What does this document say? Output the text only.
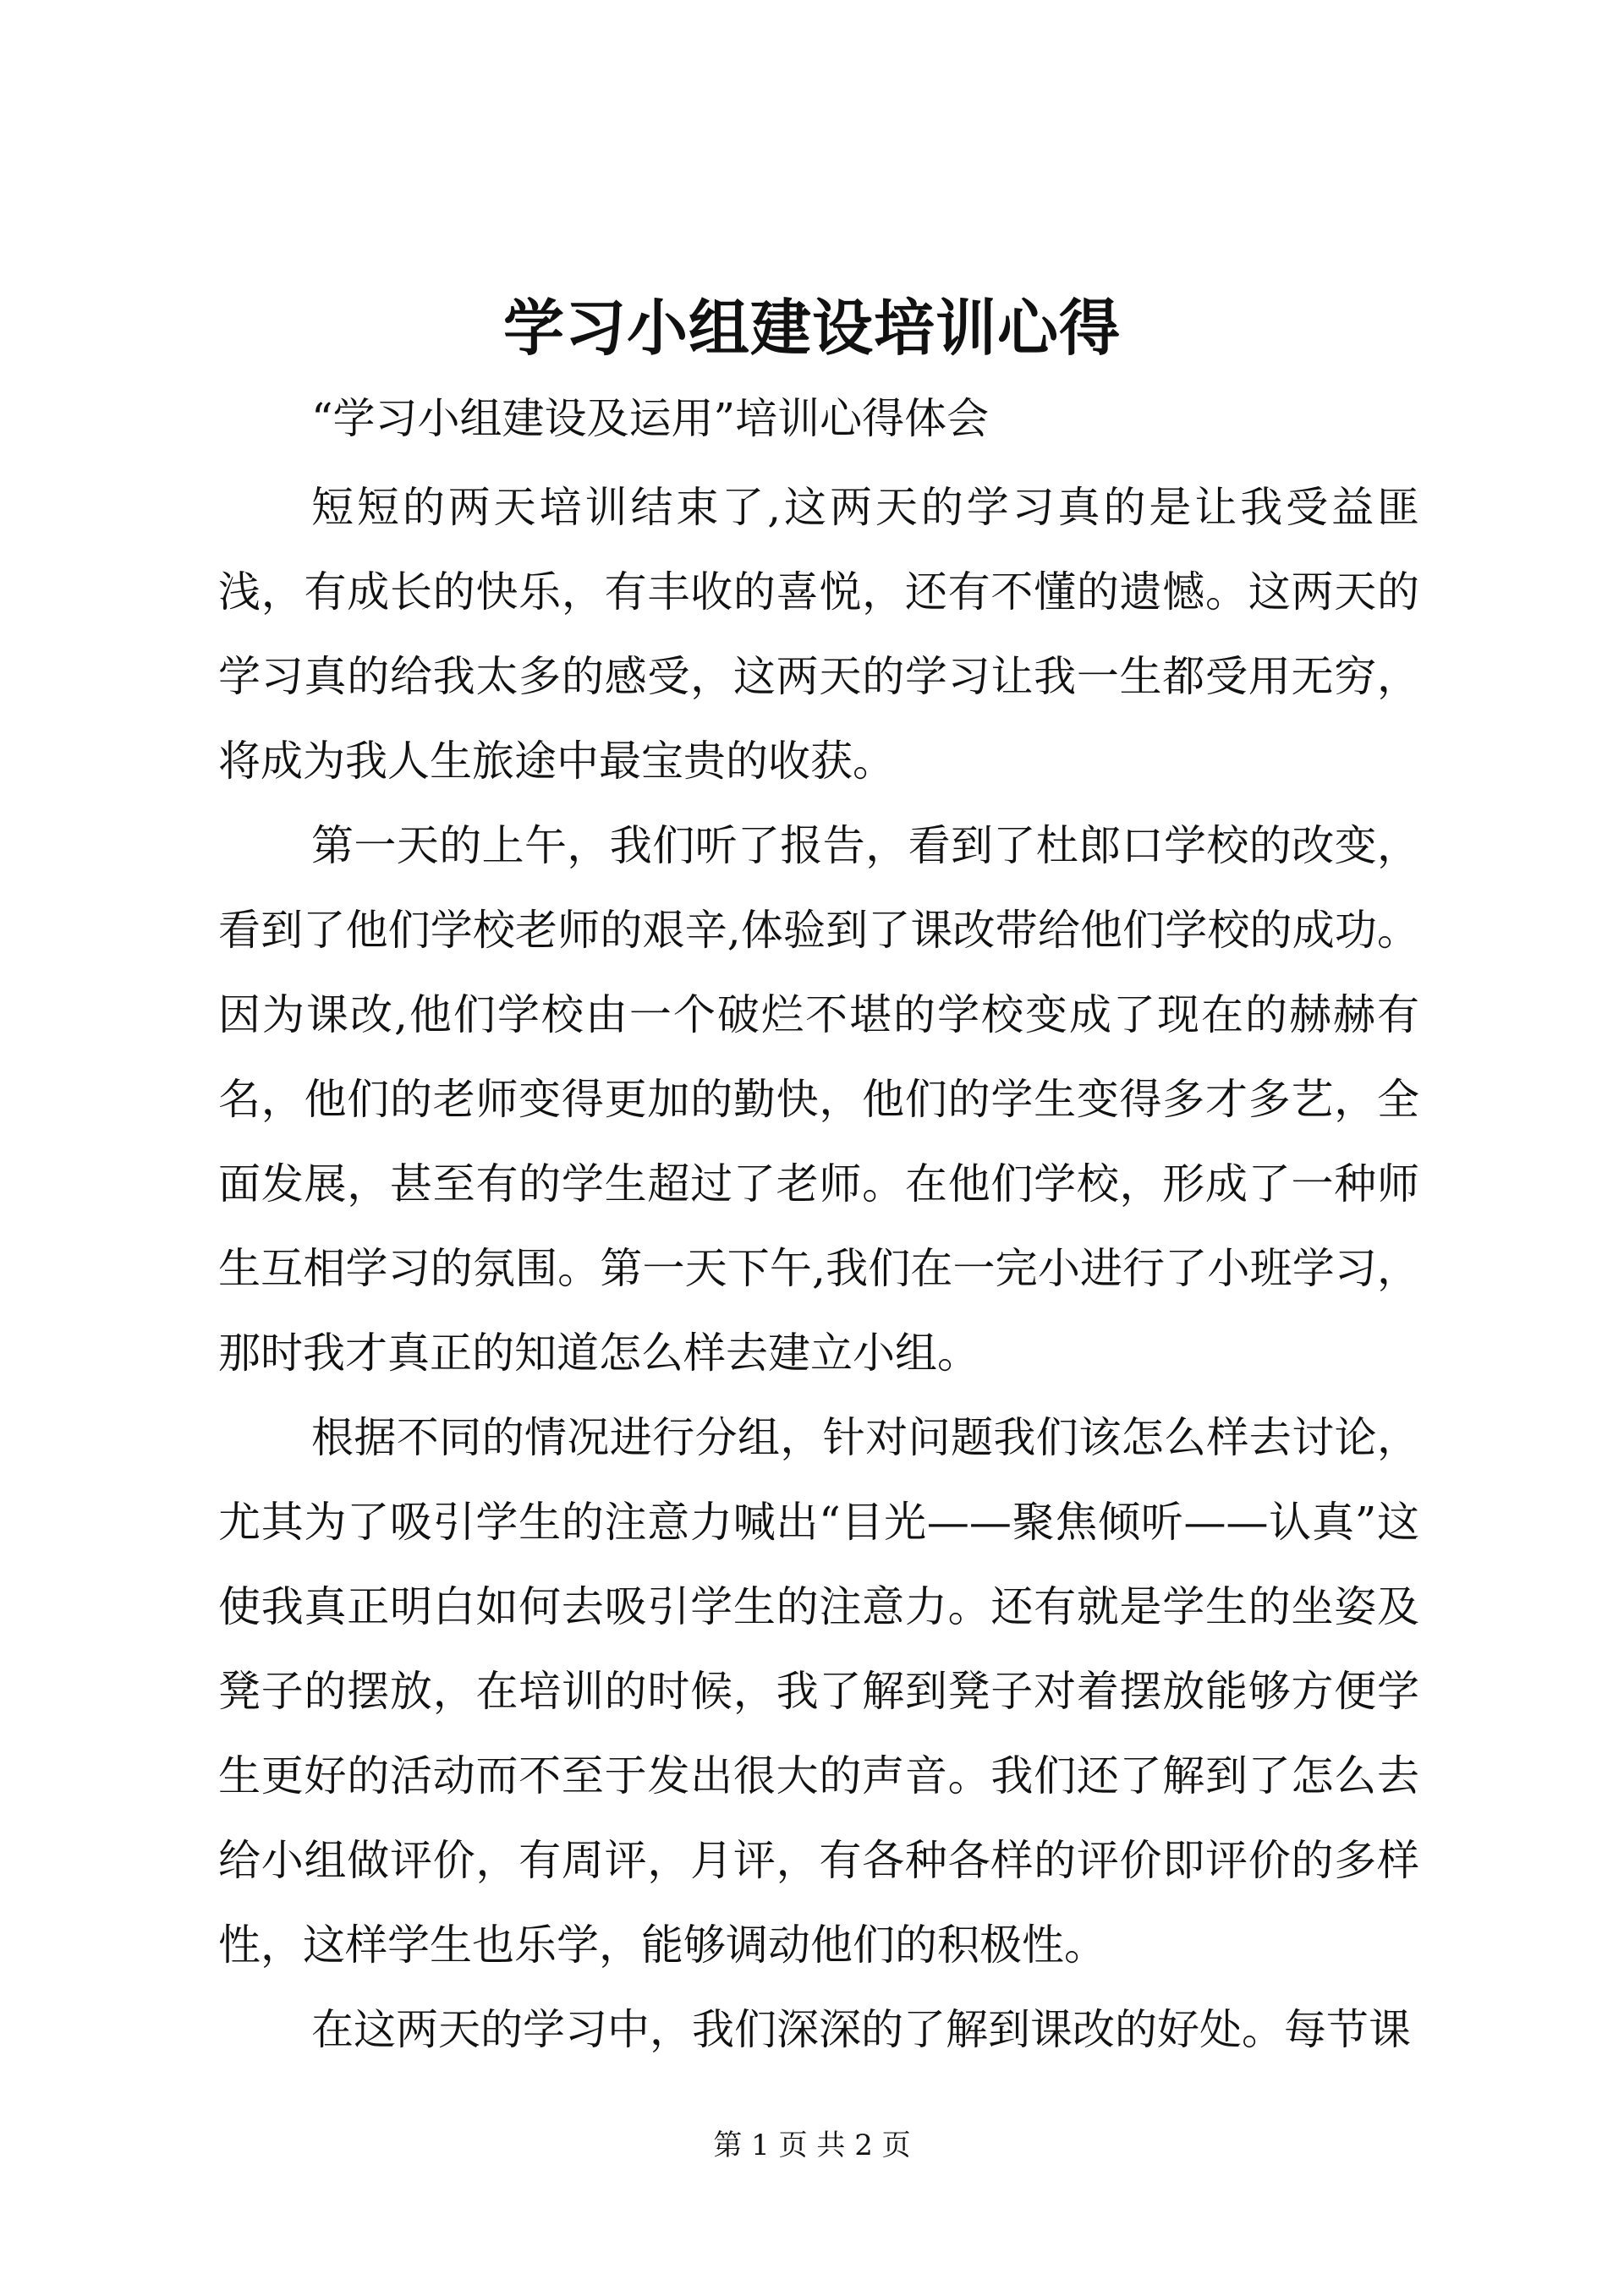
学习小组建设培训心得

“学习小组建设及运用”培训心得体会

短短的两天培训结束了,这两天的学习真的是让我受益匪浅，有成长的快乐，有丰收的喜悦，还有不懂的遗憾。这两天的学习真的给我太多的感受，这两天的学习让我一生都受用无穷，将成为我人生旅途中最宝贵的收获。

第一天的上午，我们听了报告，看到了杜郎口学校的改变，看到了他们学校老师的艰辛,体验到了课改带给他们学校的成功。因为课改,他们学校由一个破烂不堪的学校变成了现在的赫赫有名，他们的老师变得更加的勤快，他们的学生变得多才多艺，全面发展，甚至有的学生超过了老师。在他们学校，形成了一种师生互相学习的氛围。第一天下午,我们在一完小进行了小班学习，那时我才真正的知道怎么样去建立小组。

根据不同的情况进行分组，针对问题我们该怎么样去讨论，尤其为了吸引学生的注意力喊出“目光——聚焦倾听——认真”这使我真正明白如何去吸引学生的注意力。还有就是学生的坐姿及凳子的摆放，在培训的时候，我了解到凳子对着摆放能够方便学生更好的活动而不至于发出很大的声音。我们还了解到了怎么去给小组做评价，有周评，月评，有各种各样的评价即评价的多样性，这样学生也乐学，能够调动他们的积极性。

在这两天的学习中，我们深深的了解到课改的好处。每节课

第 1 页 共 2 页
